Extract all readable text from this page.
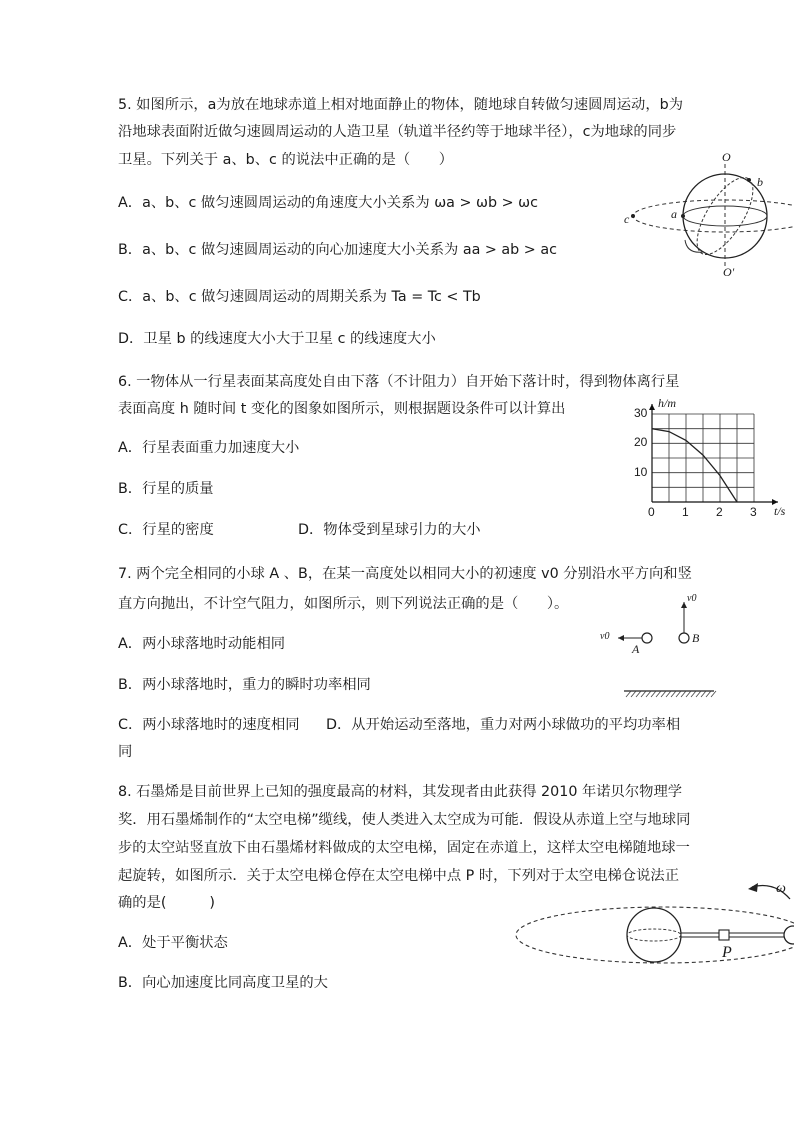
5. 如图所示，a为放在地球赤道上相对地面静止的物体，随地球自转做匀速圆周运动，b为
沿地球表面附近做匀速圆周运动的人造卫星（轨道半径约等于地球半径），c为地球的同步
卫星。下列关于 a、b、c 的说法中正确的是（　　）
A．a、b、c 做匀速圆周运动的角速度大小关系为 ωa > ωb > ωc
B．a、b、c 做匀速圆周运动的向心加速度大小关系为 aa > ab > ac
C．a、b、c 做匀速圆周运动的周期关系为 Ta = Tc < Tb
D．卫星 b 的线速度大小大于卫星 c 的线速度大小
O
O'
b
a
c
6. 一物体从一行星表面某高度处自由下落（不计阻力）自开始下落计时，得到物体离行星
表面高度 h 随时间 t 变化的图象如图所示，则根据题设条件可以计算出
A．行星表面重力加速度大小
B．行星的质量
C．行星的密度	D．物体受到星球引力的大小
0 1 2 3
10
20
30
h/m
t/s
7. 两个完全相同的小球 A 、B，在某一高度处以相同大小的初速度 v0 分别沿水平方向和竖
直方向抛出，不计空气阻力，如图所示，则下列说法正确的是（　　）。
A．两小球落地时动能相同
B．两小球落地时，重力的瞬时功率相同
C．两小球落地时的速度相同 D．从开始运动至落地，重力对两小球做功的平均功率相
同
v0
v0
A
B
8. 石墨烯是目前世界上已知的强度最高的材料，其发现者由此获得 2010 年诺贝尔物理学
奖．用石墨烯制作的“太空电梯”缆线，使人类进入太空成为可能．假设从赤道上空与地球同
步的太空站竖直放下由石墨烯材料做成的太空电梯，固定在赤道上，这样太空电梯随地球一
起旋转，如图所示．关于太空电梯仓停在太空电梯中点 P 时，下列对于太空电梯仓说法正
确的是(　　　)
A．处于平衡状态
B．向心加速度比同高度卫星的大
ω
P
